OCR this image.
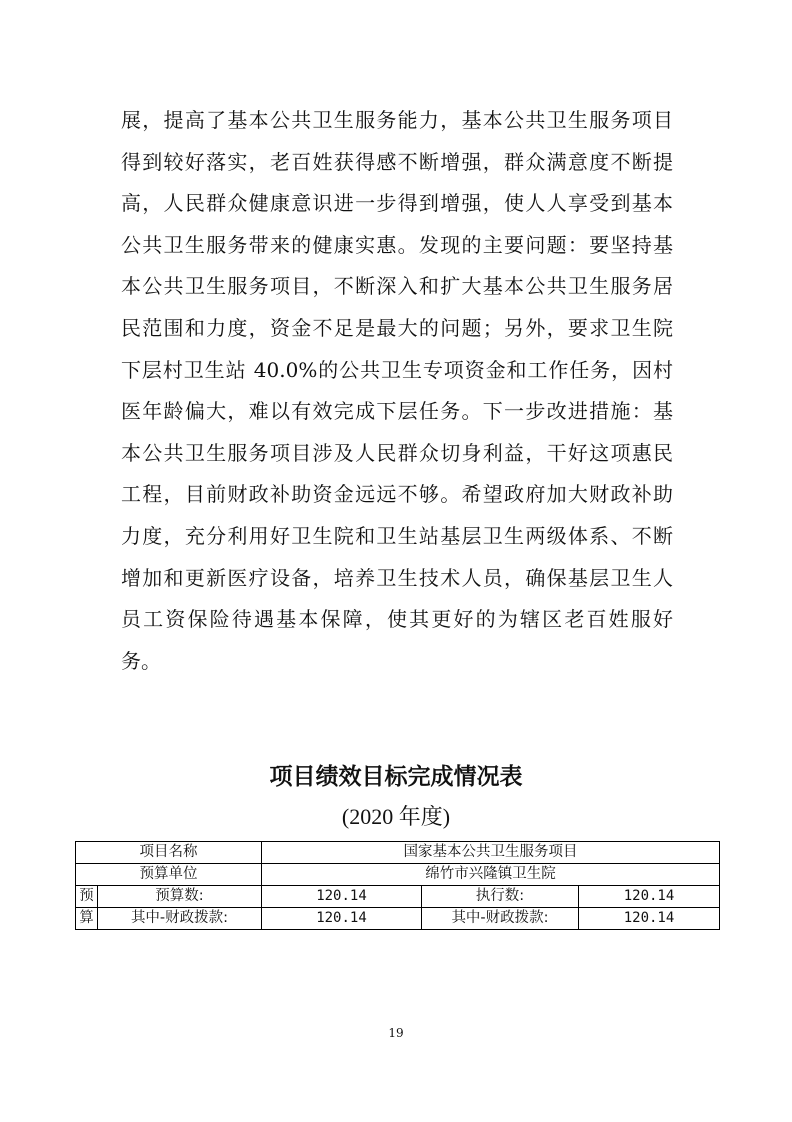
展，提高了基本公共卫生服务能力，基本公共卫生服务项目
得到较好落实，老百姓获得感不断增强，群众满意度不断提
高，人民群众健康意识进一步得到增强，使人人享受到基本
公共卫生服务带来的健康实惠。发现的主要问题：要坚持基
本公共卫生服务项目，不断深入和扩大基本公共卫生服务居
民范围和力度，资金不足是最大的问题；另外，要求卫生院
下层村卫生站 40.0%的公共卫生专项资金和工作任务，因村
医年龄偏大，难以有效完成下层任务。下一步改进措施：基
本公共卫生服务项目涉及人民群众切身利益，干好这项惠民
工程，目前财政补助资金远远不够。希望政府加大财政补助
力度，充分利用好卫生院和卫生站基层卫生两级体系、不断
增加和更新医疗设备，培养卫生技术人员，确保基层卫生人
员工资保险待遇基本保障，使其更好的为辖区老百姓服好
务。
项目绩效目标完成情况表
(2020 年度)
项目名称		国家基本公共卫生服务项目		
预算单位		绵竹市兴隆镇卫生院		
预	预算数:	120.14	执行数:	120.14
算	其中-财政拨款:	120.14	其中-财政拨款:	120.14
19
